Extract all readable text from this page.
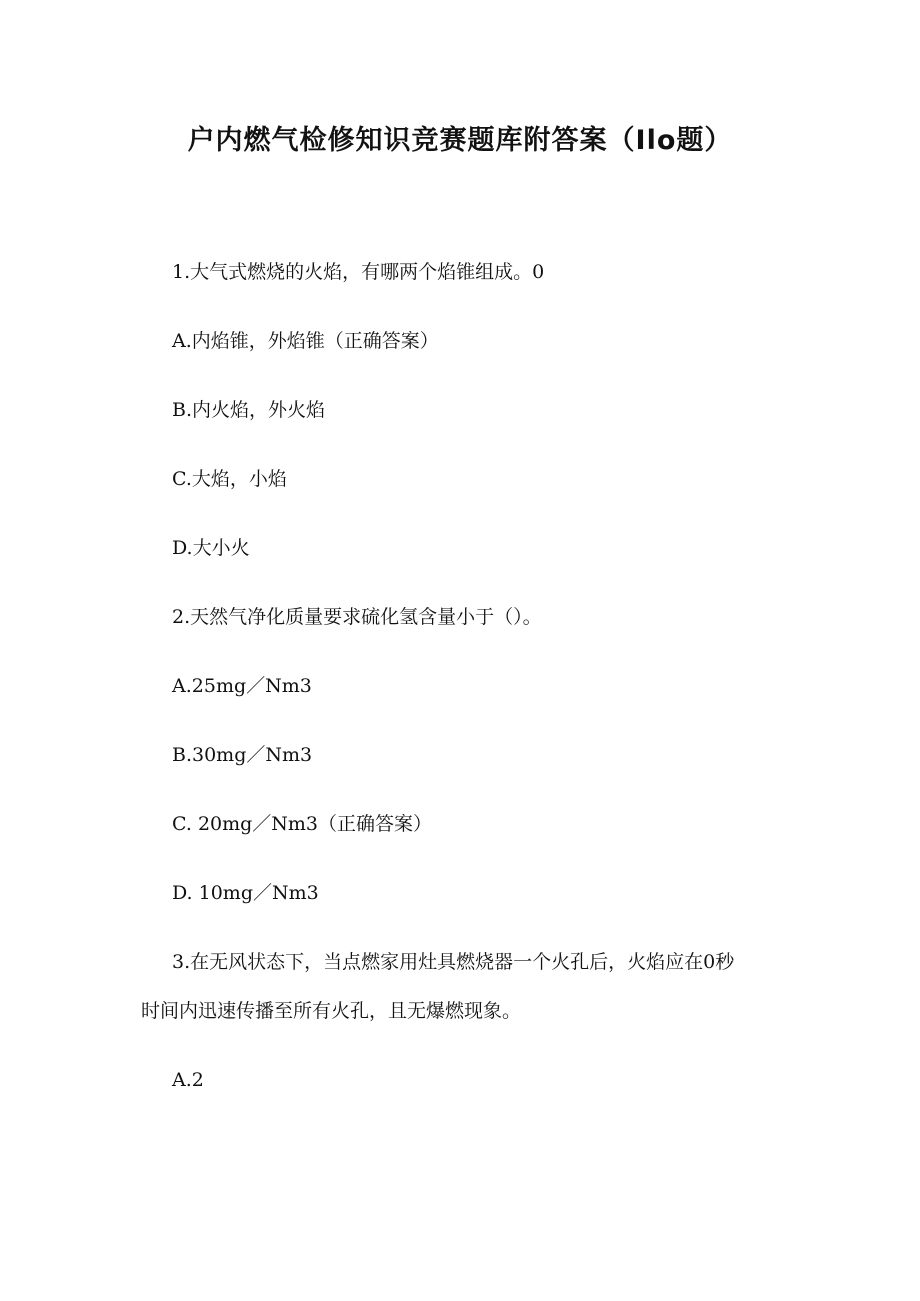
户内燃气检修知识竞赛题库附答案（Ilo题）
1.大气式燃烧的火焰，有哪两个焰锥组成。0
A.内焰锥，外焰锥（正确答案）
B.内火焰，外火焰
C.大焰，小焰
D.大小火
2.天然气净化质量要求硫化氢含量小于（）。
A.25mg／Nm3
B.30mg／Nm3
C. 20mg／Nm3（正确答案）
D. 10mg／Nm3
3.在无风状态下，当点燃家用灶具燃烧器一个火孔后，火焰应在0秒
时间内迅速传播至所有火孔，且无爆燃现象。
A.2
